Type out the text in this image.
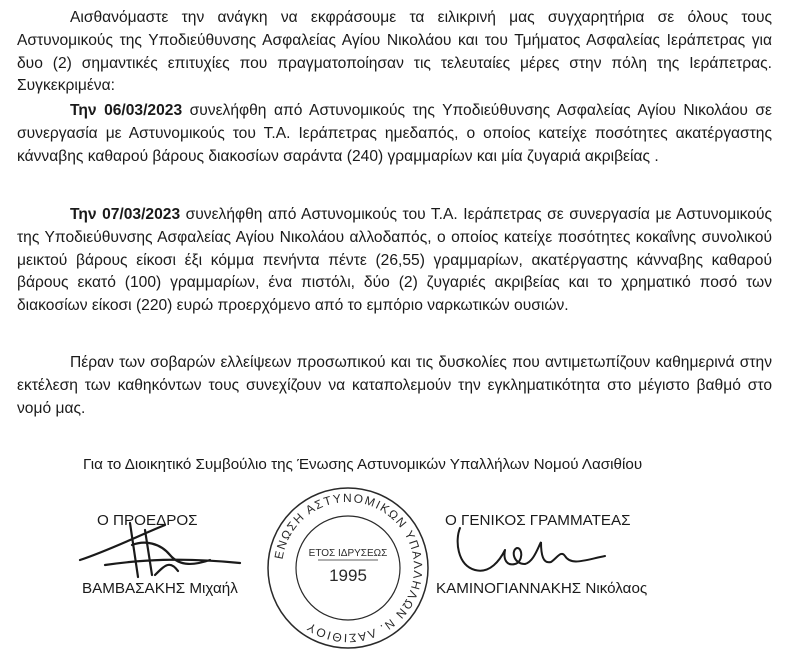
Αισθανόμαστε την ανάγκη να εκφράσουμε τα ειλικρινή μας συγχαρητήρια σε όλους τους Αστυνομικούς της Υποδιεύθυνσης Ασφαλείας Αγίου Νικολάου και του Τμήματος Ασφαλείας Ιεράπετρας για δυο (2) σημαντικές επιτυχίες που πραγματοποίησαν τις τελευταίες μέρες στην πόλη της Ιεράπετρας. Συγκεκριμένα:

Την 06/03/2023 συνελήφθη από Αστυνομικούς της Υποδιεύθυνσης Ασφαλείας Αγίου Νικολάου σε συνεργασία με Αστυνομικούς του Τ.Α. Ιεράπετρας ημεδαπός, ο οποίος κατείχε ποσότητες ακατέργαστης κάνναβης καθαρού βάρους διακοσίων σαράντα (240) γραμμαρίων και μία ζυγαριά ακριβείας .

Την 07/03/2023 συνελήφθη από Αστυνομικούς του Τ.Α. Ιεράπετρας σε συνεργασία με Αστυνομικούς της Υποδιεύθυνσης Ασφαλείας Αγίου Νικολάου αλλοδαπός, ο οποίος κατείχε ποσότητες κοκαΐνης συνολικού μεικτού βάρους είκοσι έξι κόμμα πενήντα πέντε (26,55) γραμμαρίων, ακατέργαστης κάνναβης καθαρού βάρους εκατό (100) γραμμαρίων, ένα πιστόλι, δύο (2) ζυγαριές ακριβείας και το χρηματικό ποσό των διακοσίων είκοσι (220) ευρώ προερχόμενο από το εμπόριο ναρκωτικών ουσιών.

Πέραν των σοβαρών ελλείψεων προσωπικού και τις δυσκολίες που αντιμετωπίζουν καθημερινά στην εκτέλεση των καθηκόντων τους συνεχίζουν να καταπολεμούν την εγκληματικότητα στο μέγιστο βαθμό στο νομό μας.

Για το Διοικητικό Συμβούλιο της Ένωσης Αστυνομικών Υπαλλήλων Νομού Λασιθίου
ΕΝΩΣΗ ΑΣΤΥΝΟΜΙΚΩΝ ΥΠΑΛΛΗΛΩΝ Ν. ΛΑΣΙΘΙΟΥ
ΕΤΟΣ ΙΔΡΥΣΕΩΣ
1995
Ο ΠΡΟΕΔΡΟΣ	Ο ΓΕΝΙΚΟΣ ΓΡΑΜΜΑΤΕΑΣ
ΒΑΜΒΑΣΑΚΗΣ Μιχαήλ	ΚΑΜΙΝΟΓΙΑΝΝΑΚΗΣ Νικόλαος
